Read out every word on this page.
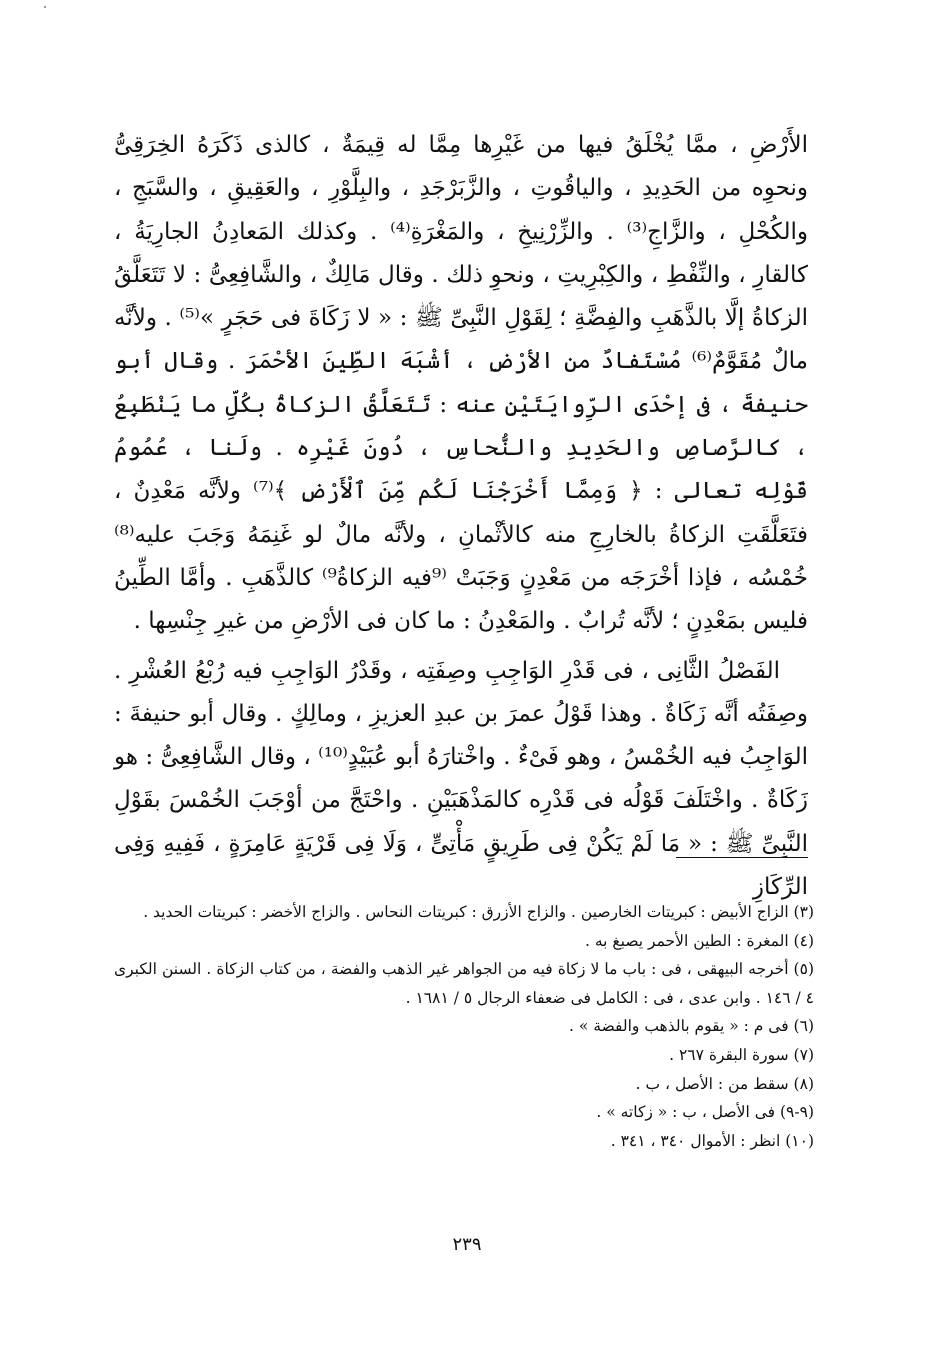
الأَرْضِ ، ممَّا يُخْلَقُ فيها من غَيْرِها مِمَّا له قِيمَةٌ ، كالذى ذَكَرَهُ الخِرَقِىُّ ونحوِه من الحَدِيدِ ، والياقُوتِ ، والزَّبَرْجَدِ ، والبِلَّوْرِ ، والعَقِيقِ ، والسَّبَجِ ، والكُحْلِ ، والزَّاجِ⁽³⁾ . والزِّرْنِيخِ ، والمَغْرَةِ⁽⁴⁾ . وكذلك المَعادِنُ الجارِيَةُ ، كالقارِ ، والنِّفْطِ ، والكِبْرِيتِ ، ونحوِ ذلك . وقال مَالِكٌ ، والشَّافِعِىُّ : لا تَتَعَلَّقُ الزكاةُ إلَّا بالذَّهَبِ والفِضَّةِ ؛ لِقَوْلِ النَّبِىِّ ﷺ : « لا زَكَاةَ فى حَجَرٍ »⁽⁵⁾ . ولأنَّه مالٌ مُقَوَّمٌ⁽⁶⁾ مُسْتَفادٌ من الأرْضِ ، أشْبَهَ الطِّينَ الأحْمَرَ . وقال أبو حنيفةَ ، فى إحْدَى الرِّوايَتَيْنِ عنه : تَتَعَلَّقُ الزكاةُ بكُلِّ ما يَنْطَبِعُ ، كالرَّصاصِ والحَدِيدِ والنُّحاسِ ، دُونَ غَيْرِه . ولَنا ، عُمُومُ قَوْلِه تعالى : ﴿ وَمِمَّا أَخْرَجْنَا لَكُم مِّنَ ٱلْأَرْضِ ﴾⁽⁷⁾ ولأنَّه مَعْدِنٌ ، فتَعَلَّقَتِ الزكاةُ بالخارِجِ منه كالأثْمانِ ، ولأنَّه مالٌ لو غَنِمَهُ وَجَبَ عليه⁽⁸⁾ خُمْسُه ، فإذا أخْرَجَه من مَعْدِنٍ وَجَبَتْ ⁽⁹فيه الزكاةُ⁹⁾ كالذَّهَبِ . وأمَّا الطِّينُ فليس بمَعْدِنٍ ؛ لأنَّه تُرابٌ . والمَعْدِنُ : ما كان فى الأرْضِ من غيرِ جِنْسِها .

الفَصْلُ الثَّانِى ، فى قَدْرِ الوَاجِبِ وصِفَتِه ، وقَدْرُ الوَاجِبِ فيه رُبْعُ العُشْرِ . وصِفَتُه أنَّه زَكَاةٌ . وهذا قَوْلُ عمرَ بن عبدِ العزيزِ ، ومالِكٍ . وقال أبو حنيفةَ : الوَاجِبُ فيه الخُمْسُ ، وهو فَىْءٌ . واخْتارَهُ أبو عُبَيْدٍ⁽¹⁰⁾ ، وقال الشَّافِعِىُّ : هو زَكَاةٌ . واخْتَلَفَ قَوْلُه فى قَدْرِه كالمَذْهَبَيْنِ . واحْتَجَّ من أوْجَبَ الخُمْسَ بقَوْلِ النَّبِىِّ ﷺ : « مَا لَمْ يَكُنْ فِى طَرِيقٍ مَأْتِىٍّ ، وَلَا فِى قَرْيَةٍ عَامِرَةٍ ، فَفِيهِ وَفِى الرِّكَازِ

(٣) الزاج الأبيض : كبريتات الخارصين . والزاج الأزرق : كبريتات النحاس . والزاج الأخضر : كبريتات الحديد .
(٤) المغرة : الطين الأحمر يصبغ به .
(٥) أخرجه البيهقى ، فى : باب ما لا زكاة فيه من الجواهر غير الذهب والفضة ، من كتاب الزكاة . السنن الكبرى ٤ / ١٤٦ . وابن عدى ، فى : الكامل فى ضعفاء الرجال ٥ / ١٦٨١ .
(٦) فى م : « يقوم بالذهب والفضة » .
(٧) سورة البقرة ٢٦٧ .
(٨) سقط من : الأصل ، ب .
(٩-٩) فى الأصل ، ب : « زكاته » .
(١٠) انظر : الأموال ٣٤٠ ، ٣٤١ .
٢٣٩
